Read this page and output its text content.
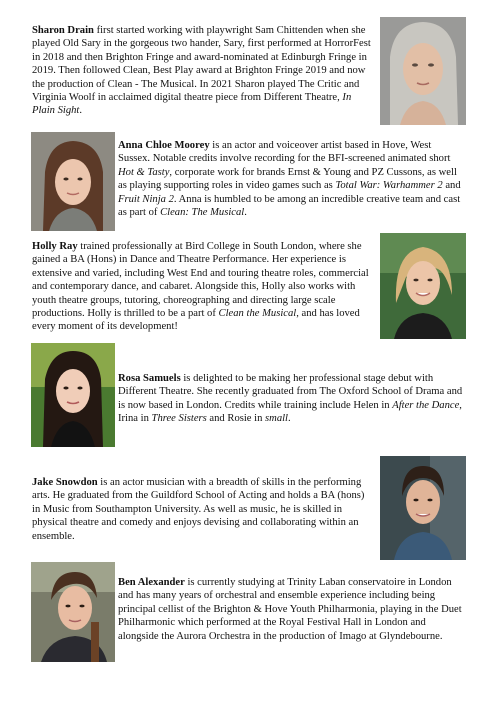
Sharon Drain first started working with playwright Sam Chittenden when she played Old Sary in the gorgeous two hander, Sary, first performed at HorrorFest in 2018 and then Brighton Fringe and award-nominated at Edinburgh Fringe in 2019. Then followed Clean, Best Play award at Brighton Fringe 2019 and now the production of Clean - The Musical. In 2021 Sharon played The Critic and Virginia Woolf in acclaimed digital theatre piece from Different Theatre, In Plain Sight.

Anna Chloe Moorey is an actor and voiceover artist based in Hove, West Sussex. Notable credits involve recording for the BFI-screened animated short Hot & Tasty, corporate work for brands Ernst & Young and PZ Cussons, as well as playing supporting roles in video games such as Total War: Warhammer 2 and Fruit Ninja 2. Anna is humbled to be among an incredible creative team and cast as part of Clean: The Musical.

Holly Ray trained professionally at Bird College in South London, where she gained a BA (Hons) in Dance and Theatre Performance. Her experience is extensive and varied, including West End and touring theatre roles, commercial and contemporary dance, and cabaret. Alongside this, Holly also works with youth theatre groups, tutoring, choreographing and directing large scale productions. Holly is thrilled to be a part of Clean the Musical, and has loved every moment of its development!

Rosa Samuels is delighted to be making her professional stage debut with Different Theatre. She recently graduated from The Oxford School of Drama and is now based in London. Credits while training include Helen in After the Dance, Irina in Three Sisters and Rosie in small.

Jake Snowdon is an actor musician with a breadth of skills in the performing arts. He graduated from the Guildford School of Acting and holds a BA (hons) in Music from Southampton University. As well as music, he is skilled in physical theatre and comedy and enjoys devising and collaborating within an ensemble.

Ben Alexander is currently studying at Trinity Laban conservatoire in London and has many years of orchestral and ensemble experience including being principal cellist of the Brighton & Hove Youth Philharmonia, playing in the Duet Philharmonic which performed at the Royal Festival Hall in London and alongside the Aurora Orchestra in the production of Imago at Glyndebourne.
